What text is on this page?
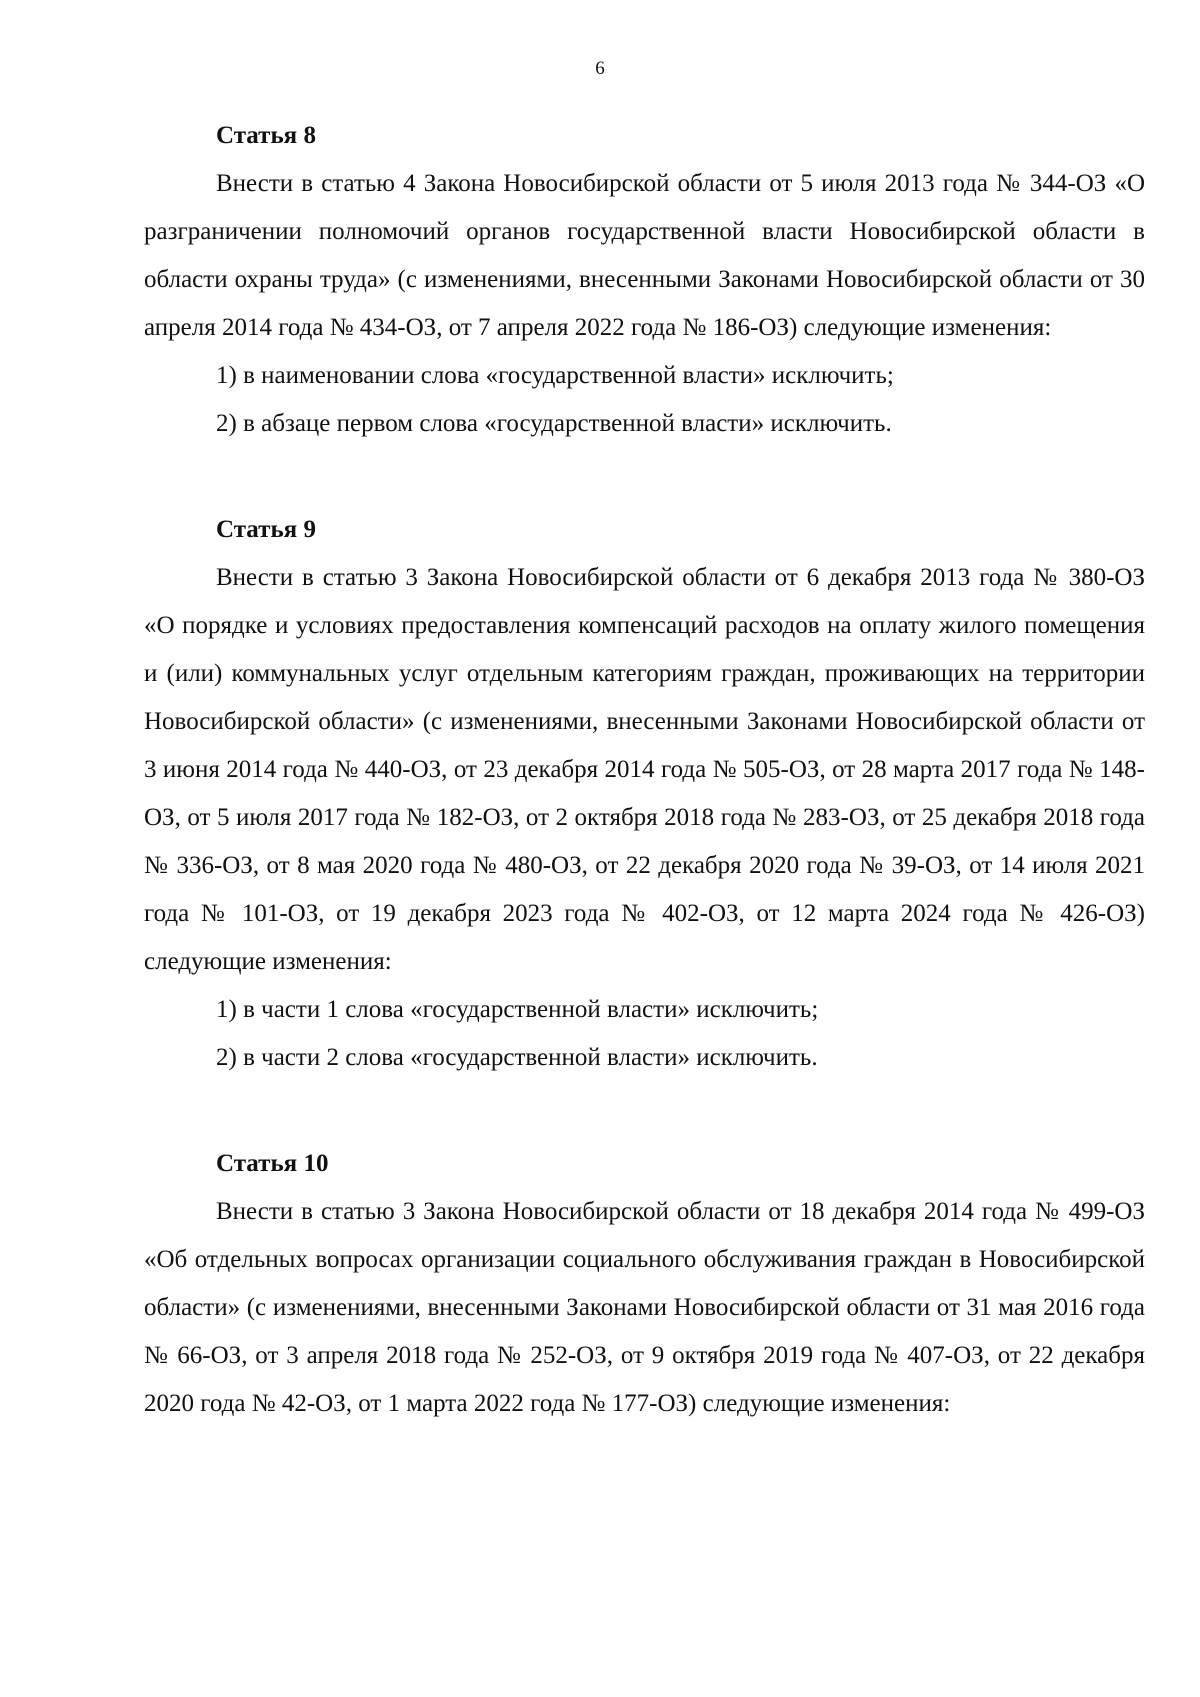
6

Статья 8

Внести в статью 4 Закона Новосибирской области от 5 июля 2013 года № 344-ОЗ «О разграничении полномочий органов государственной власти Новосибирской области в области охраны труда» (с изменениями, внесенными Законами Новосибирской области от 30 апреля 2014 года № 434-ОЗ, от 7 апреля 2022 года № 186-ОЗ) следующие изменения:

1) в наименовании слова «государственной власти» исключить;

2) в абзаце первом слова «государственной власти» исключить.

Статья 9

Внести в статью 3 Закона Новосибирской области от 6 декабря 2013 года № 380-ОЗ «О порядке и условиях предоставления компенсаций расходов на оплату жилого помещения и (или) коммунальных услуг отдельным категориям граждан, проживающих на территории Новосибирской области» (с изменениями, внесенными Законами Новосибирской области от 3 июня 2014 года № 440-ОЗ, от 23 декабря 2014 года № 505-ОЗ, от 28 марта 2017 года № 148-ОЗ, от 5 июля 2017 года № 182-ОЗ, от 2 октября 2018 года № 283-ОЗ, от 25 декабря 2018 года № 336-ОЗ, от 8 мая 2020 года № 480-ОЗ, от 22 декабря 2020 года № 39-ОЗ, от 14 июля 2021 года № 101-ОЗ, от 19 декабря 2023 года № 402-ОЗ, от 12 марта 2024 года № 426-ОЗ) следующие изменения:

1) в части 1 слова «государственной власти» исключить;

2) в части 2 слова «государственной власти» исключить.

Статья 10

Внести в статью 3 Закона Новосибирской области от 18 декабря 2014 года № 499-ОЗ «Об отдельных вопросах организации социального обслуживания граждан в Новосибирской области» (с изменениями, внесенными Законами Новосибирской области от 31 мая 2016 года № 66-ОЗ, от 3 апреля 2018 года № 252-ОЗ, от 9 октября 2019 года № 407-ОЗ, от 22 декабря 2020 года № 42-ОЗ, от 1 марта 2022 года № 177-ОЗ) следующие изменения:
